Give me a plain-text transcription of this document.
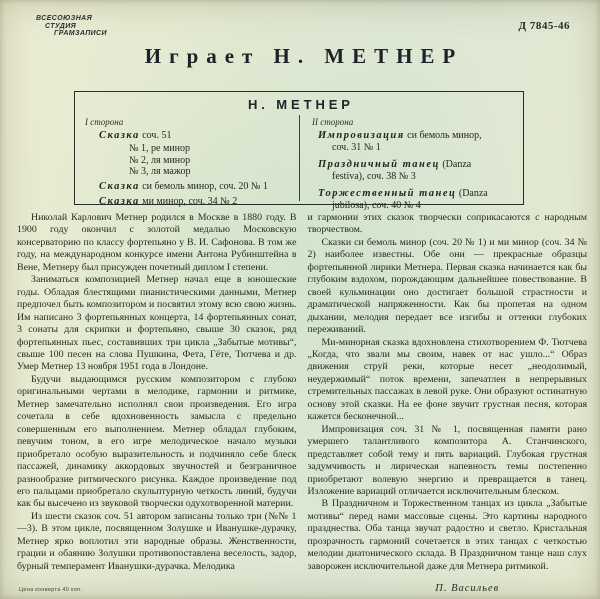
ВСЕСОЮЗНАЯ
СТУДИЯ
ГРАМЗАПИСИ
Д 7845-46
Играет Н. МЕТНЕР
Н. МЕТНЕР
I сторона
Сказка соч. 51
№ 1, ре минор
№ 2, ля минор
№ 3, ля мажор
Сказка си бемоль минор, соч. 20 № 1
Сказка ми минор, соч. 34 № 2
II сторона
Импровизация си бемоль минор,
соч. 31 № 1
Праздничный танец (Danza
festiva), соч. 38 № 3
Торжественный танец (Danza
jubilosa), соч. 40 № 4

Николай Карлович Метнер родился в Москве в 1880 году. В 1900 году окончил с золотой медалью Московскую консерваторию по классу фортепьяно у В. И. Сафонова. В том же году, на международном конкурсе имени Антона Рубинштейна в Вене, Метнеру был присужден почетный диплом I степени.

Заниматься композицией Метнер начал еще в юношеские годы. Обладая блестящими пианистическими данными, Метнер предпочел быть композитором и посвятил этому всю свою жизнь. Им написано 3 фортепьянных концерта, 14 фортепьянных сонат, 3 сонаты для скрипки и фортепьяно, свыше 30 сказок, ряд фортепьянных пьес, составивших три цикла „Забытые мотивы“, свыше 100 песен на слова Пушкина, Фета, Гёте, Тютчева и др. Умер Метнер 13 ноября 1951 года в Лондоне.

Будучи выдающимся русским композитором с глубоко оригинальными чертами в мелодике, гармонии и ритмике, Метнер замечательно исполнял свои произведения. Его игра сочетала в себе вдохновенность замысла с предельно совершенным его выполнением. Метнер обладал глубоким, певучим тоном, в его игре мелодическое начало музыки приобретало особую выразительность и подчиняло себе блеск пассажей, динамику аккордовых звучностей и безграничное разнообразие ритмического рисунка. Каждое произведение под его пальцами приобретало скульптурную четкость линий, будучи как бы высечено из звуковой творчески одухотворенной материи.

Из шести сказок соч. 51 автором записаны только три (№№ 1—3). В этом цикле, посвященном Золушке и Иванушке-дурачку, Метнер ярко воплотил эти народные образы. Женственности, грации и обаянию Золушки противопоставлена веселость, задор, бурный темперамент Иванушки-дурачка. Мелодика

и гармонии этих сказок творчески соприкасаются с народным творчеством.

Сказки си бемоль минор (соч. 20 № 1) и ми минор (соч. 34 № 2) наиболее известны. Обе они — прекрасные образцы фортепьянной лирики Метнера. Первая сказка начинается как бы глубоким вздохом, порождающим дальнейшее повествование. В своей кульминации оно достигает большой страстности и драматической напряженности. Как бы пропетая на одном дыхании, мелодия передает все изгибы и оттенки глубоких переживаний.

Ми-минорная сказка вдохновлена стихотворением Ф. Тютчева „Когда, что звали мы своим, навек от нас ушло...“ Образ движения струй реки, которые несет „неодолимый, неудержимый“ поток времени, запечатлен в непрерывных стремительных пассажах в левой руке. Они образуют остинатную основу этой сказки. На ее фоне звучит грустная песня, которая кажется бесконечной...

Импровизация соч. 31 № 1, посвященная памяти рано умершего талантливого композитора А. Станчинского, представляет собой тему и пять вариаций. Глубокая грустная задумчивость и лирическая напевность темы постепенно приобретают волевую энергию и превращается в танец. Изложение вариаций отличается исключительным блеском.

В Праздничном и Торжественном танцах из цикла „Забытые мотивы“ перед нами массовые сцены. Это картины народного празднества. Оба танца звучат радостно и светло. Кристальная прозрачность гармоний сочетается в этих танцах с четкостью мелодии диатонического склада. В Праздничном танце наш слух заворожен исключительной даже для Метнера ритмикой.

П. Васильев
Цена конверта 40 коп.
